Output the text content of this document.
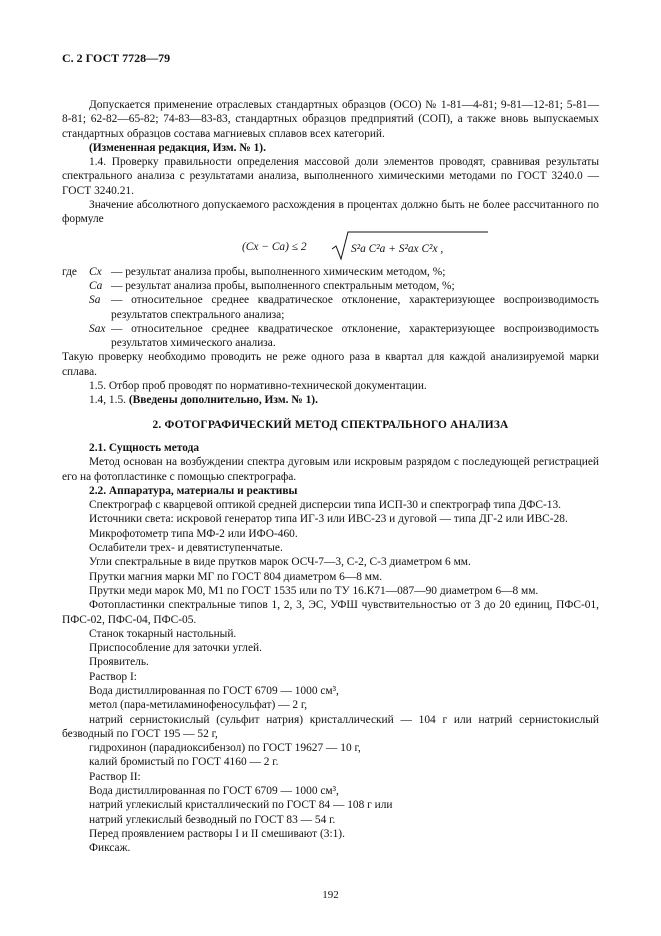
С. 2 ГОСТ 7728—79

Допускается применение отраслевых стандартных образцов (ОСО) № 1-81—4-81; 9-81—12-81; 5-81—8-81; 62-82—65-82; 74-83—83-83, стандартных образцов предприятий (СОП), а также вновь выпускаемых стандартных образцов состава магниевых сплавов всех категорий.

(Измененная редакция, Изм. № 1).

1.4. Проверку правильности определения массовой доли элементов проводят, сравнивая результаты спектрального анализа с результатами анализа, выполненного химическими методами по ГОСТ 3240.0 — ГОСТ 3240.21.

Значение абсолютного допускаемого расхождения в процентах должно быть не более рассчитанного по формуле

(Cх − Cа) ≤ 2	S²а C²а + S²ах C²х ,
где	Cх — результат анализа пробы, выполненного химическим методом, %;
Cа — результат анализа пробы, выполненного спектральным методом, %;
Sа — относительное среднее квадратическое отклонение, характеризующее воспроизводимость результатов спектрального анализа;
Sах — относительное среднее квадратическое отклонение, характеризующее воспроизводимость результатов химического анализа.

Такую проверку необходимо проводить не реже одного раза в квартал для каждой анализируемой марки сплава.

1.5. Отбор проб проводят по нормативно-технической документации.

1.4, 1.5. (Введены дополнительно, Изм. № 1).

2. ФОТОГРАФИЧЕСКИЙ МЕТОД СПЕКТРАЛЬНОГО АНАЛИЗА

2.1. Сущность метода

Метод основан на возбуждении спектра дуговым или искровым разрядом с последующей регистрацией его на фотопластинке с помощью спектрографа.

2.2. Аппаратура, материалы и реактивы

Спектрограф с кварцевой оптикой средней дисперсии типа ИСП-30 и спектрограф типа ДФС-13.

Источники света: искровой генератор типа ИГ-3 или ИВС-23 и дуговой — типа ДГ-2 или ИВС-28.

Микрофотометр типа МФ-2 или ИФО-460.

Ослабители трех- и девятиступенчатые.

Угли спектральные в виде прутков марок ОСЧ-7—3, С-2, С-3 диаметром 6 мм.

Прутки магния марки МГ по ГОСТ 804 диаметром 6—8 мм.

Прутки меди марок М0, М1 по ГОСТ 1535 или по ТУ 16.К71—087—90 диаметром 6—8 мм.

Фотопластинки спектральные типов 1, 2, 3, ЭС, УФШ чувствительностью от 3 до 20 единиц, ПФС-01, ПФС-02, ПФС-04, ПФС-05.

Станок токарный настольный.

Приспособление для заточки углей.

Проявитель.

Раствор I:

Вода дистиллированная по ГОСТ 6709 — 1000 см³,

метол (пара-метиламинофеносульфат) — 2 г,

натрий сернистокислый (сульфит натрия) кристаллический — 104 г или натрий сернистокислый безводный по ГОСТ 195 — 52 г,

гидрохинон (парадиоксибензол) по ГОСТ 19627 — 10 г,

калий бромистый по ГОСТ 4160 — 2 г.

Раствор II:

Вода дистиллированная по ГОСТ 6709 — 1000 см³,

натрий углекислый кристаллический по ГОСТ 84 — 108 г или

натрий углекислый безводный по ГОСТ 83 — 54 г.

Перед проявлением растворы I и II смешивают (3:1).

Фиксаж.

192
